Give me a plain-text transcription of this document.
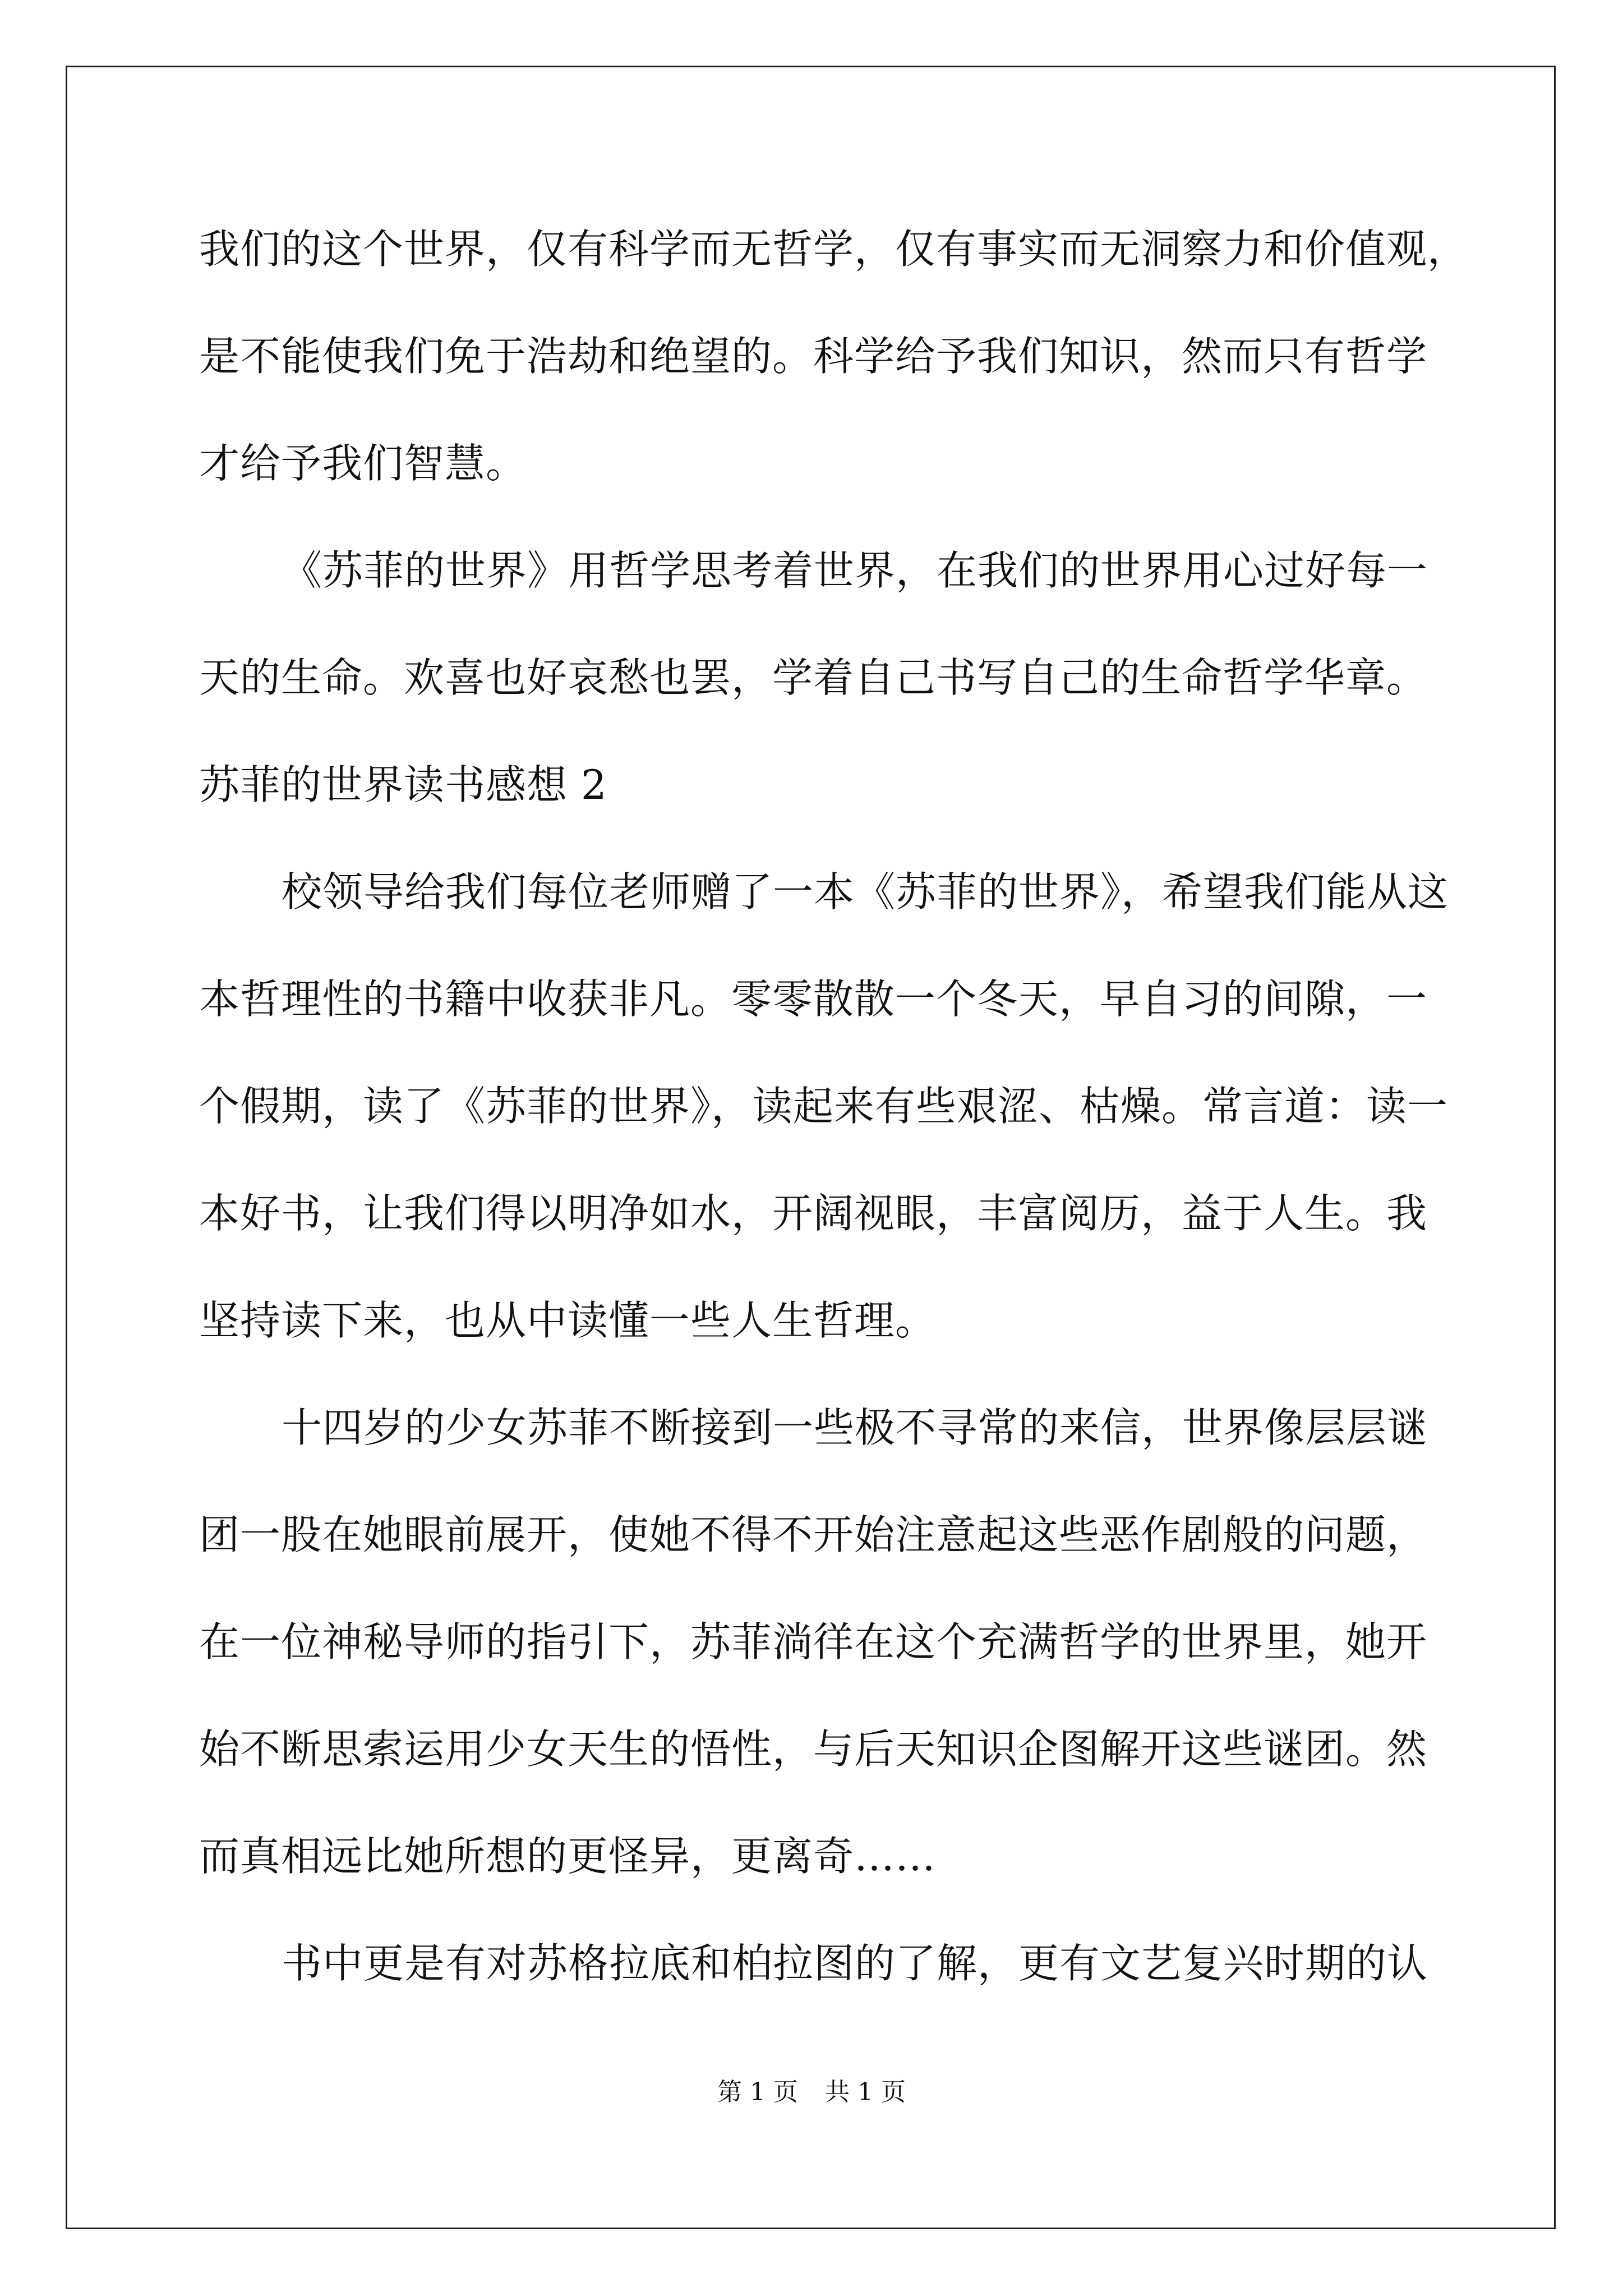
我们的这个世界，仅有科学而无哲学，仅有事实而无洞察力和价值观，
是不能使我们免于浩劫和绝望的。科学给予我们知识，然而只有哲学
才给予我们智慧。
《苏菲的世界》用哲学思考着世界，在我们的世界用心过好每一
天的生命。欢喜也好哀愁也罢，学着自己书写自己的生命哲学华章。
苏菲的世界读书感想 2
校领导给我们每位老师赠了一本《苏菲的世界》，希望我们能从这
本哲理性的书籍中收获非凡。零零散散一个冬天，早自习的间隙，一
个假期，读了《苏菲的世界》，读起来有些艰涩、枯燥。常言道：读一
本好书，让我们得以明净如水，开阔视眼，丰富阅历，益于人生。我
坚持读下来，也从中读懂一些人生哲理。
十四岁的少女苏菲不断接到一些极不寻常的来信，世界像层层谜
团一股在她眼前展开，使她不得不开始注意起这些恶作剧般的问题，
在一位神秘导师的指引下，苏菲淌徉在这个充满哲学的世界里，她开
始不断思索运用少女天生的悟性，与后天知识企图解开这些谜团。然
而真相远比她所想的更怪异，更离奇……
书中更是有对苏格拉底和柏拉图的了解，更有文艺复兴时期的认
第 1 页 共 1 页
